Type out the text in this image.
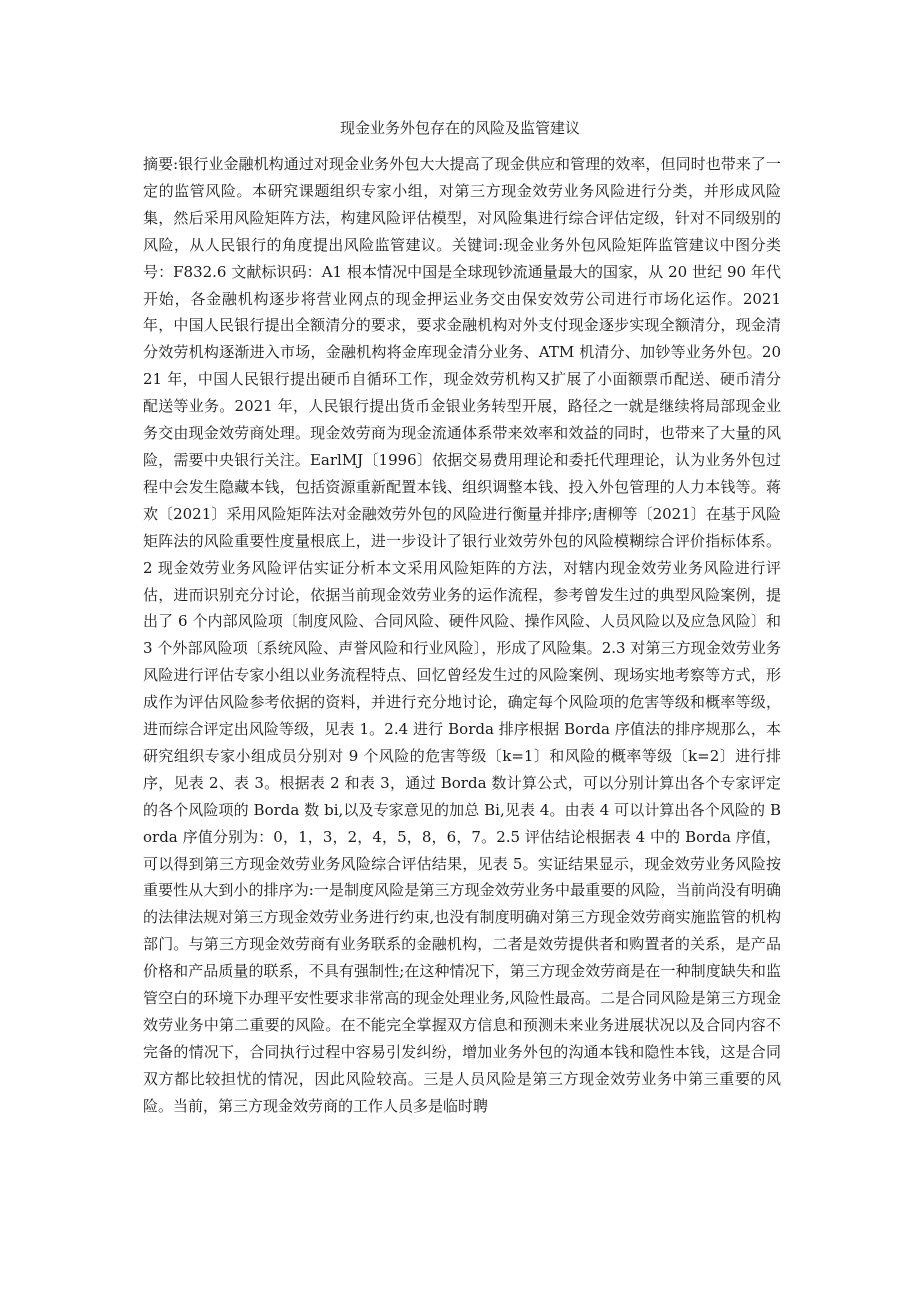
现金业务外包存在的风险及监管建议

摘要:银行业金融机构通过对现金业务外包大大提高了现金供应和管理的效率，但同时也带来了一定的监管风险。本研究课题组织专家小组，对第三方现金效劳业务风险进行分类，并形成风险集，然后采用风险矩阵方法，构建风险评估模型，对风险集进行综合评估定级，针对不同级别的风险，从人民银行的角度提出风险监管建议。关键词:现金业务外包风险矩阵监管建议中图分类号：F832.6 文献标识码：A1 根本情况中国是全球现钞流通量最大的国家，从 20 世纪 90 年代开始，各金融机构逐步将营业网点的现金押运业务交由保安效劳公司进行市场化运作。2021 年，中国人民银行提出全额清分的要求，要求金融机构对外支付现金逐步实现全额清分，现金清分效劳机构逐渐进入市场，金融机构将金库现金清分业务、ATM 机清分、加钞等业务外包。2021 年，中国人民银行提出硬币自循环工作，现金效劳机构又扩展了小面额票币配送、硬币清分配送等业务。2021 年，人民银行提出货币金银业务转型开展，路径之一就是继续将局部现金业务交由现金效劳商处理。现金效劳商为现金流通体系带来效率和效益的同时，也带来了大量的风险，需要中央银行关注。EarlMJ〔1996〕依据交易费用理论和委托代理理论，认为业务外包过程中会发生隐藏本钱，包括资源重新配置本钱、组织调整本钱、投入外包管理的人力本钱等。蒋欢〔2021〕采用风险矩阵法对金融效劳外包的风险进行衡量并排序;唐柳等〔2021〕在基于风险矩阵法的风险重要性度量根底上，进一步设计了银行业效劳外包的风险模糊综合评价指标体系。2 现金效劳业务风险评估实证分析本文采用风险矩阵的方法，对辖内现金效劳业务风险进行评估，进而识别充分讨论，依据当前现金效劳业务的运作流程，参考曾发生过的典型风险案例，提出了 6 个内部风险项〔制度风险、合同风险、硬件风险、操作风险、人员风险以及应急风险〕和 3 个外部风险项〔系统风险、声誉风险和行业风险〕，形成了风险集。2.3 对第三方现金效劳业务风险进行评估专家小组以业务流程特点、回忆曾经发生过的风险案例、现场实地考察等方式，形成作为评估风险参考依据的资料，并进行充分地讨论，确定每个风险项的危害等级和概率等级，进而综合评定出风险等级，见表 1。2.4 进行 Borda 排序根据 Borda 序值法的排序规那么，本研究组织专家小组成员分别对 9 个风险的危害等级〔k=1〕和风险的概率等级〔k=2〕进行排序，见表 2、表 3。根据表 2 和表 3，通过 Borda 数计算公式，可以分别计算出各个专家评定的各个风险项的 Borda 数 bi,以及专家意见的加总 Bi,见表 4。由表 4 可以计算出各个风险的 Borda 序值分别为：0，1，3，2，4，5，8，6，7。2.5 评估结论根据表 4 中的 Borda 序值，可以得到第三方现金效劳业务风险综合评估结果，见表 5。实证结果显示，现金效劳业务风险按重要性从大到小的排序为:一是制度风险是第三方现金效劳业务中最重要的风险，当前尚没有明确的法律法规对第三方现金效劳业务进行约束,也没有制度明确对第三方现金效劳商实施监管的机构部门。与第三方现金效劳商有业务联系的金融机构，二者是效劳提供者和购置者的关系，是产品价格和产品质量的联系，不具有强制性;在这种情况下，第三方现金效劳商是在一种制度缺失和监管空白的环境下办理平安性要求非常高的现金处理业务,风险性最高。二是合同风险是第三方现金效劳业务中第二重要的风险。在不能完全掌握双方信息和预测未来业务进展状况以及合同内容不完备的情况下，合同执行过程中容易引发纠纷，增加业务外包的沟通本钱和隐性本钱，这是合同双方都比较担忧的情况，因此风险较高。三是人员风险是第三方现金效劳业务中第三重要的风险。当前，第三方现金效劳商的工作人员多是临时聘
